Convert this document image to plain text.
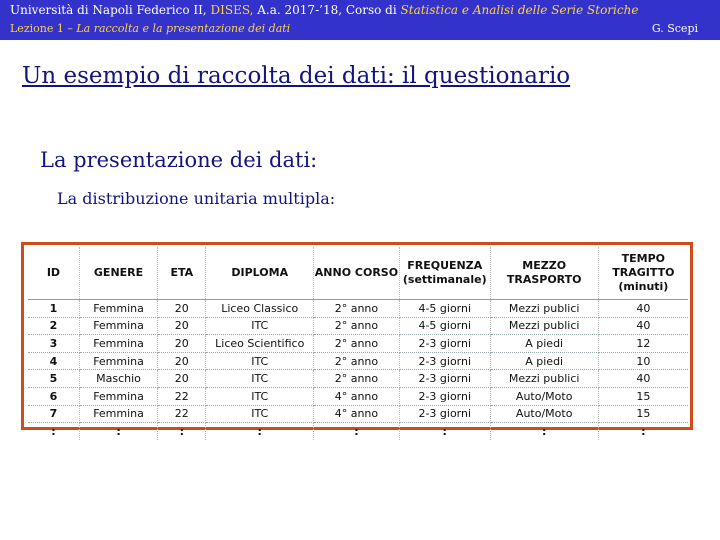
Università di Napoli Federico II, DISES, A.a. 2017-’18, Corso di Statistica e Analisi delle Serie Storiche
Lezione 1 – La raccolta e la presentazione dei dati	G. Scepi
Un esempio di raccolta dei dati: il questionario
La presentazione dei dati:
La distribuzione unitaria multipla:
ID	GENERE	ETA	DIPLOMA	ANNO CORSO	FREQUENZA (settimanale)	MEZZO TRASPORTO	TEMPO TRAGITTO (minuti)
1	Femmina	20	Liceo Classico	2° anno	4-5 giorni	Mezzi publici	40
2	Femmina	20	ITC	2° anno	4-5 giorni	Mezzi publici	40
3	Femmina	20	Liceo Scientifico	2° anno	2-3 giorni	A piedi	12
4	Femmina	20	ITC	2° anno	2-3 giorni	A piedi	10
5	Maschio	20	ITC	2° anno	2-3 giorni	Mezzi publici	40
6	Femmina	22	ITC	4° anno	2-3 giorni	Auto/Moto	15
7	Femmina	22	ITC	4° anno	2-3 giorni	Auto/Moto	15
:	:	:	:	:	:	:	:
